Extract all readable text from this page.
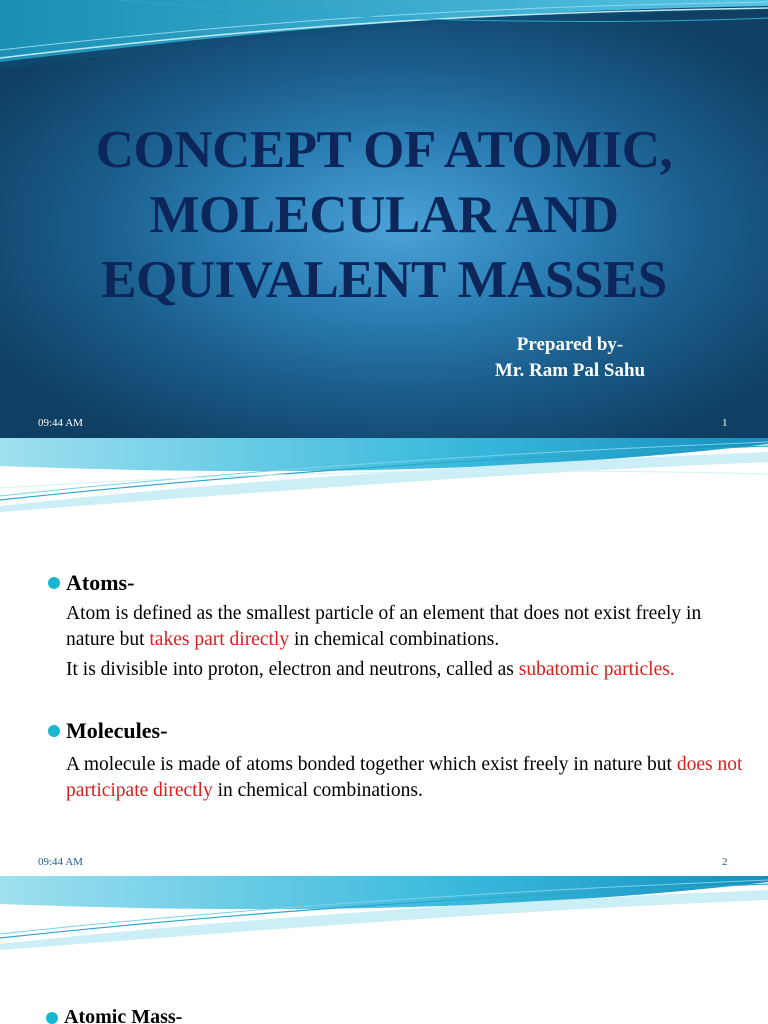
CONCEPT OF ATOMIC, MOLECULAR AND EQUIVALENT MASSES
Prepared by-
Mr. Ram Pal Sahu
09:44 AM	1
Atoms-
Atom is defined as the smallest particle of an element that does not exist freely in nature but takes part directly in chemical combinations.
It is divisible into proton, electron and neutrons, called as subatomic particles.
Molecules-
A molecule is made of atoms bonded together which exist freely in nature but does not participate directly in chemical combinations.
09:44 AM	2
Atomic Mass-
